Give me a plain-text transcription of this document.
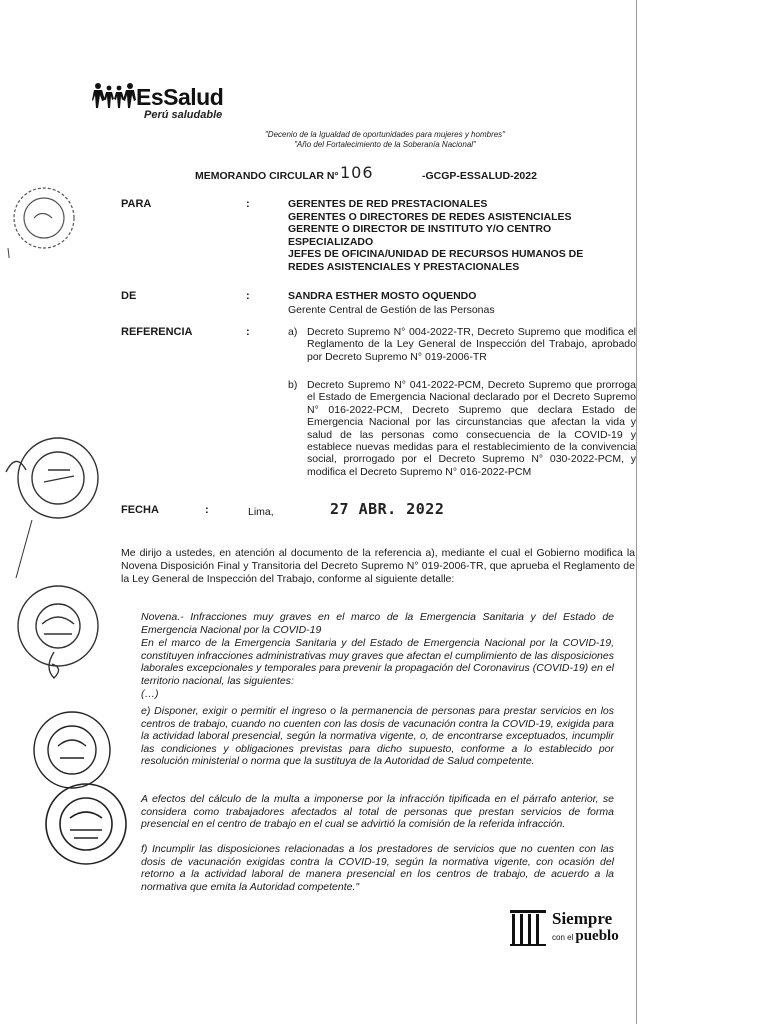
EsSalud
Perú saludable
"Decenio de la Igualdad de oportunidades para mujeres y hombres"
"Año del Fortalecimiento de la Soberanía Nacional"
MEMORANDO CIRCULAR N° 106	-GCGP-ESSALUD-2022
PARA	:	GERENTES DE RED PRESTACIONALES
GERENTES O DIRECTORES DE REDES ASISTENCIALES
GERENTE O DIRECTOR DE INSTITUTO Y/O CENTRO
ESPECIALIZADO
JEFES DE OFICINA/UNIDAD DE RECURSOS HUMANOS DE
REDES ASISTENCIALES Y PRESTACIONALES
DE	:	SANDRA ESTHER MOSTO OQUENDO
Gerente Central de Gestión de las Personas
REFERENCIA	:	a) Decreto Supremo N° 004-2022-TR, Decreto Supremo que modifica el Reglamento de la Ley General de Inspección del Trabajo, aprobado por Decreto Supremo N° 019-2006-TR
b) Decreto Supremo N° 041-2022-PCM, Decreto Supremo que prorroga el Estado de Emergencia Nacional declarado por el Decreto Supremo N° 016-2022-PCM, Decreto Supremo que declara Estado de Emergencia Nacional por las circunstancias que afectan la vida y salud de las personas como consecuencia de la COVID-19 y establece nuevas medidas para el restablecimiento de la convivencia social, prorrogado por el Decreto Supremo N° 030-2022-PCM, y modifica el Decreto Supremo N° 016-2022-PCM
FECHA	:	Lima,	27 ABR. 2022
Me dirijo a ustedes, en atención al documento de la referencia a), mediante el cual el Gobierno modifica la Novena Disposición Final y Transitoria del Decreto Supremo N° 019-2006-TR, que aprueba el Reglamento de la Ley General de Inspección del Trabajo, conforme al siguiente detalle:
Novena.- Infracciones muy graves en el marco de la Emergencia Sanitaria y del Estado de Emergencia Nacional por la COVID-19
En el marco de la Emergencia Sanitaria y del Estado de Emergencia Nacional por la COVID-19, constituyen infracciones administrativas muy graves que afectan el cumplimiento de las disposiciones laborales excepcionales y temporales para prevenir la propagación del Coronavirus (COVID-19) en el territorio nacional, las siguientes:
(…)
e) Disponer, exigir o permitir el ingreso o la permanencia de personas para prestar servicios en los centros de trabajo, cuando no cuenten con las dosis de vacunación contra la COVID-19, exigida para la actividad laboral presencial, según la normativa vigente, o, de encontrarse exceptuados, incumplir las condiciones y obligaciones previstas para dicho supuesto, conforme a lo establecido por resolución ministerial o norma que la sustituya de la Autoridad de Salud competente.
A efectos del cálculo de la multa a imponerse por la infracción tipificada en el párrafo anterior, se considera como trabajadores afectados al total de personas que prestan servicios de forma presencial en el centro de trabajo en el cual se advirtió la comisión de la referida infracción.
f) Incumplir las disposiciones relacionadas a los prestadores de servicios que no cuenten con las dosis de vacunación exigidas contra la COVID-19, según la normativa vigente, con ocasión del retorno a la actividad laboral de manera presencial en los centros de trabajo, de acuerdo a la normativa que emita la Autoridad competente."
Siempre
con el pueblo
